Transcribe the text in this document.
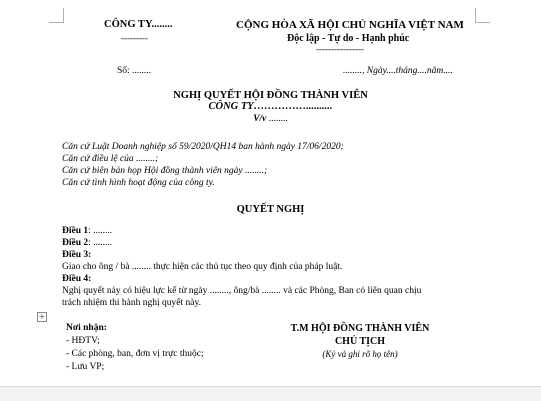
CÔNG TY........
---------
CỘNG HÒA XÃ HỘI CHỦ NGHĨA VIỆT NAM
Độc lập - Tự do - Hạnh phúc
----------------
Số: ........	........, Ngày....tháng....năm....
NGHỊ QUYẾT HỘI ĐỒNG THÀNH VIÊN
CÔNG TY……………..........
V/v ........
Căn cứ Luật Doanh nghiệp số 59/2020/QH14 ban hành ngày 17/06/2020;
Căn cứ điều lệ của ........;
Căn cứ biên bản họp Hội đồng thành viên ngày ........;
Căn cứ tình hình hoạt động của công ty.
QUYẾT NGHỊ
Điều 1: ........
Điều 2: ........
Điều 3:
Giao cho ông / bà ........ thực hiện các thủ tục theo quy định của pháp luật.
Điều 4:
Nghị quyết này có hiệu lực kể từ ngày ........, ông/bà ........ và các Phòng, Ban có liên quan chịu
trách nhiệm thi hành nghị quyết này.
+
Nơi nhận:
- HĐTV;
- Các phòng, ban, đơn vị trực thuộc;
- Lưu VP;
T.M HỘI ĐỒNG THÀNH VIÊN
CHỦ TỊCH
(Ký và ghi rõ họ tên)
